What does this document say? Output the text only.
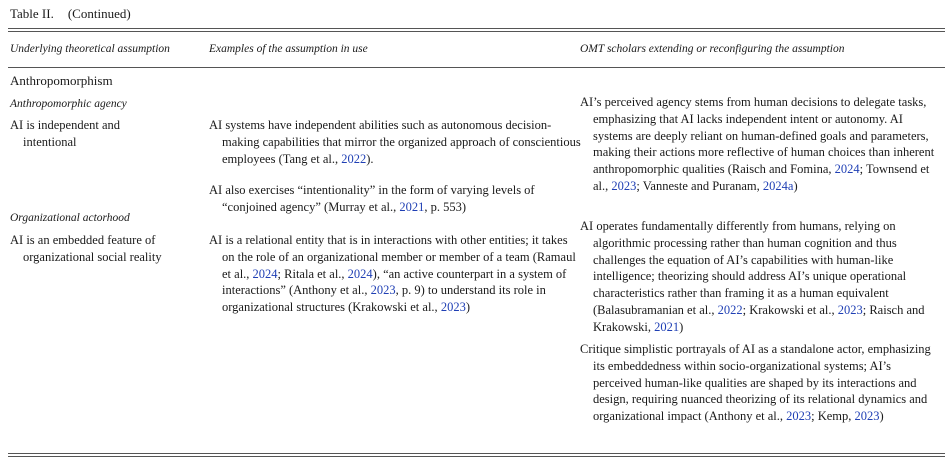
Table II. (Continued)
Underlying theoretical assumption	Examples of the assumption in use	OMT scholars extending or reconfiguring the assumption
Anthropomorphism
Anthropomorphic agency
Organizational actorhood
AI is independent and
intentional
AI is an embedded feature of
organizational social reality
AI systems have independent abilities such as autonomous decision-making capabilities that mirror the organized approach of conscientious employees (Tang et al., 2022).
AI also exercises “intentionality” in the form of varying levels of “conjoined agency” (Murray et al., 2021, p. 553)
AI is a relational entity that is in interactions with other entities; it takes on the role of an organizational member or member of a team (Ramaul et al., 2024; Ritala et al., 2024), “an active counterpart in a system of interactions” (Anthony et al., 2023, p. 9) to understand its role in organizational structures (Krakowski et al., 2023)
AI’s perceived agency stems from human decisions to delegate tasks, emphasizing that AI lacks independent intent or autonomy. AI systems are deeply reliant on human-defined goals and parameters, making their actions more reflective of human choices than inherent anthropomorphic qualities (Raisch and Fomina, 2024; Townsend et al., 2023; Vanneste and Puranam, 2024a)
AI operates fundamentally differently from humans, relying on algorithmic processing rather than human cognition and thus challenges the equation of AI’s capabilities with human-like intelligence; theorizing should address AI’s unique operational characteristics rather than framing it as a human equivalent (Balasubramanian et al., 2022; Krakowski et al., 2023; Raisch and Krakowski, 2021)
Critique simplistic portrayals of AI as a standalone actor, emphasizing its embeddedness within socio-organizational systems; AI’s perceived human-like qualities are shaped by its interactions and design, requiring nuanced theorizing of its relational dynamics and organizational impact (Anthony et al., 2023; Kemp, 2023)
